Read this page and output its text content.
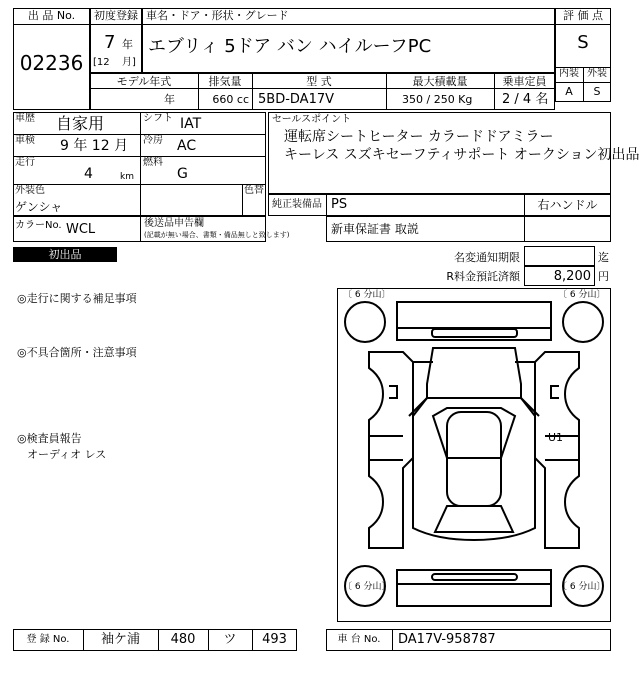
出 品 No.
02236
初度登録
7 年
[12 月]
車名・ドア・形状・グレード
エブリィ 5ドア バン ハイルーフPC
評 価 点
S
内装 外装
A	S
モデル年式
年
排気量
660 cc
型 式
5BD-DA17V
最大積載量
350 / 250 Kg
乗車定員
2 / 4 名
車歴 自家用
車検 9 年 12 月
走行
4	km
シフト IAT
冷房 AC
燃料
G
外装色
ゲンシャ
色替
カラーNo. WCL	後送品申告欄
(記載が無い場合、書類・備品無しと致します)
セールスポイント
運転席シートヒーター カラードドアミラー
キーレス スズキセーフティサポート オークション初出品
純正装備品 PS	右ハンドル
新車保証書 取説
初出品	名変通知期限	迄
R料金預託済額	8,200 円
◎走行に関する補足事項
◎不具合箇所・注意事項
◎検査員報告
オーディオ レス
〔 6 分山〕	〔 6 分山〕
〔 6 分山〕	〔 6 分山〕
U1
登 録 No.	袖ケ浦	480	ツ	493	車 台 No.	DA17V-958787
